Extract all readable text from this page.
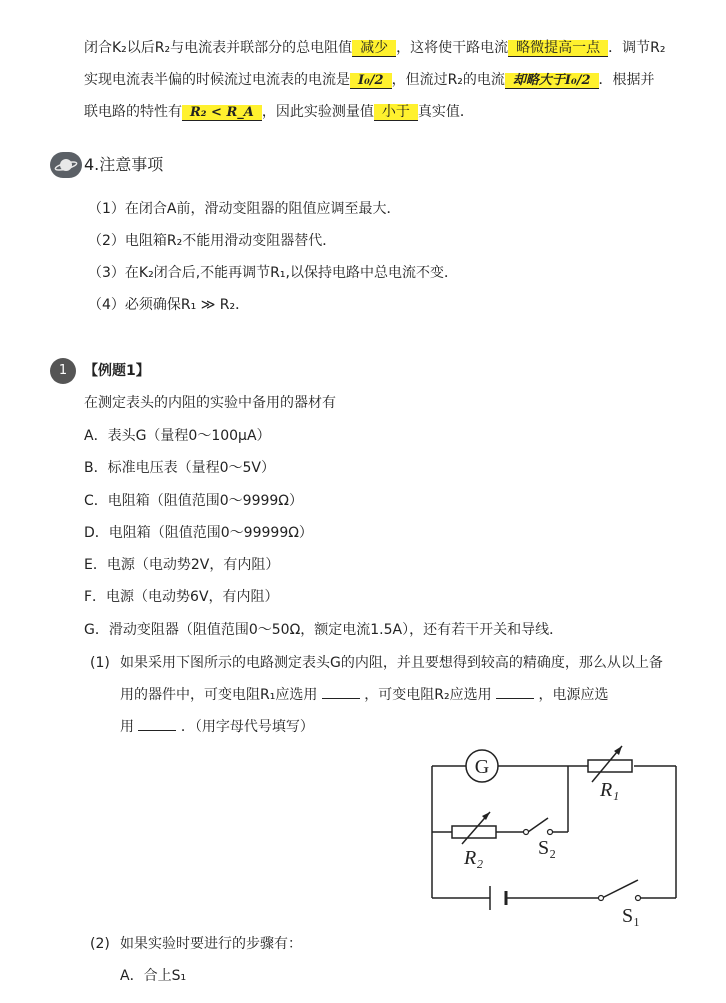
闭合K₂以后R₂与电流表并联部分的总电阻值 减少 ，这将使干路电流 略微提高一点 ．调节R₂
实现电流表半偏的时候流过电流表的电流是 I₀/2 ，但流过R₂的电流 却略大于I₀/2 ．根据并
联电路的特性有 R₂ < R_A ，因此实验测量值 小于 真实值．
4.注意事项
（1）在闭合A前，滑动变阻器的阻值应调至最大．
（2）电阻箱R₂不能用滑动变阻器替代．
（3）在K₂闭合后,不能再调节R₁,以保持电路中总电流不变．
（4）必须确保R₁ ≫ R₂．
1	【例题1】
在测定表头的内阻的实验中备用的器材有
A．表头G（量程0～100μA）
B．标准电压表（量程0～5V）
C．电阻箱（阻值范围0～9999Ω）
D．电阻箱（阻值范围0～99999Ω）
E．电源（电动势2V，有内阻）
F．电源（电动势6V，有内阻）
G．滑动变阻器（阻值范围0～50Ω，额定电流1.5A），还有若干开关和导线．
(1) 如果采用下图所示的电路测定表头G的内阻，并且要想得到较高的精确度，那么从以上备
用的器件中，可变电阻R₁应选用	，可变电阻R₂应选用	，电源应选
用	．（用字母代号填写）
G
R₁
R₂	S₂
S₁
(2) 如果实验时要进行的步骤有：
A．合上S₁
